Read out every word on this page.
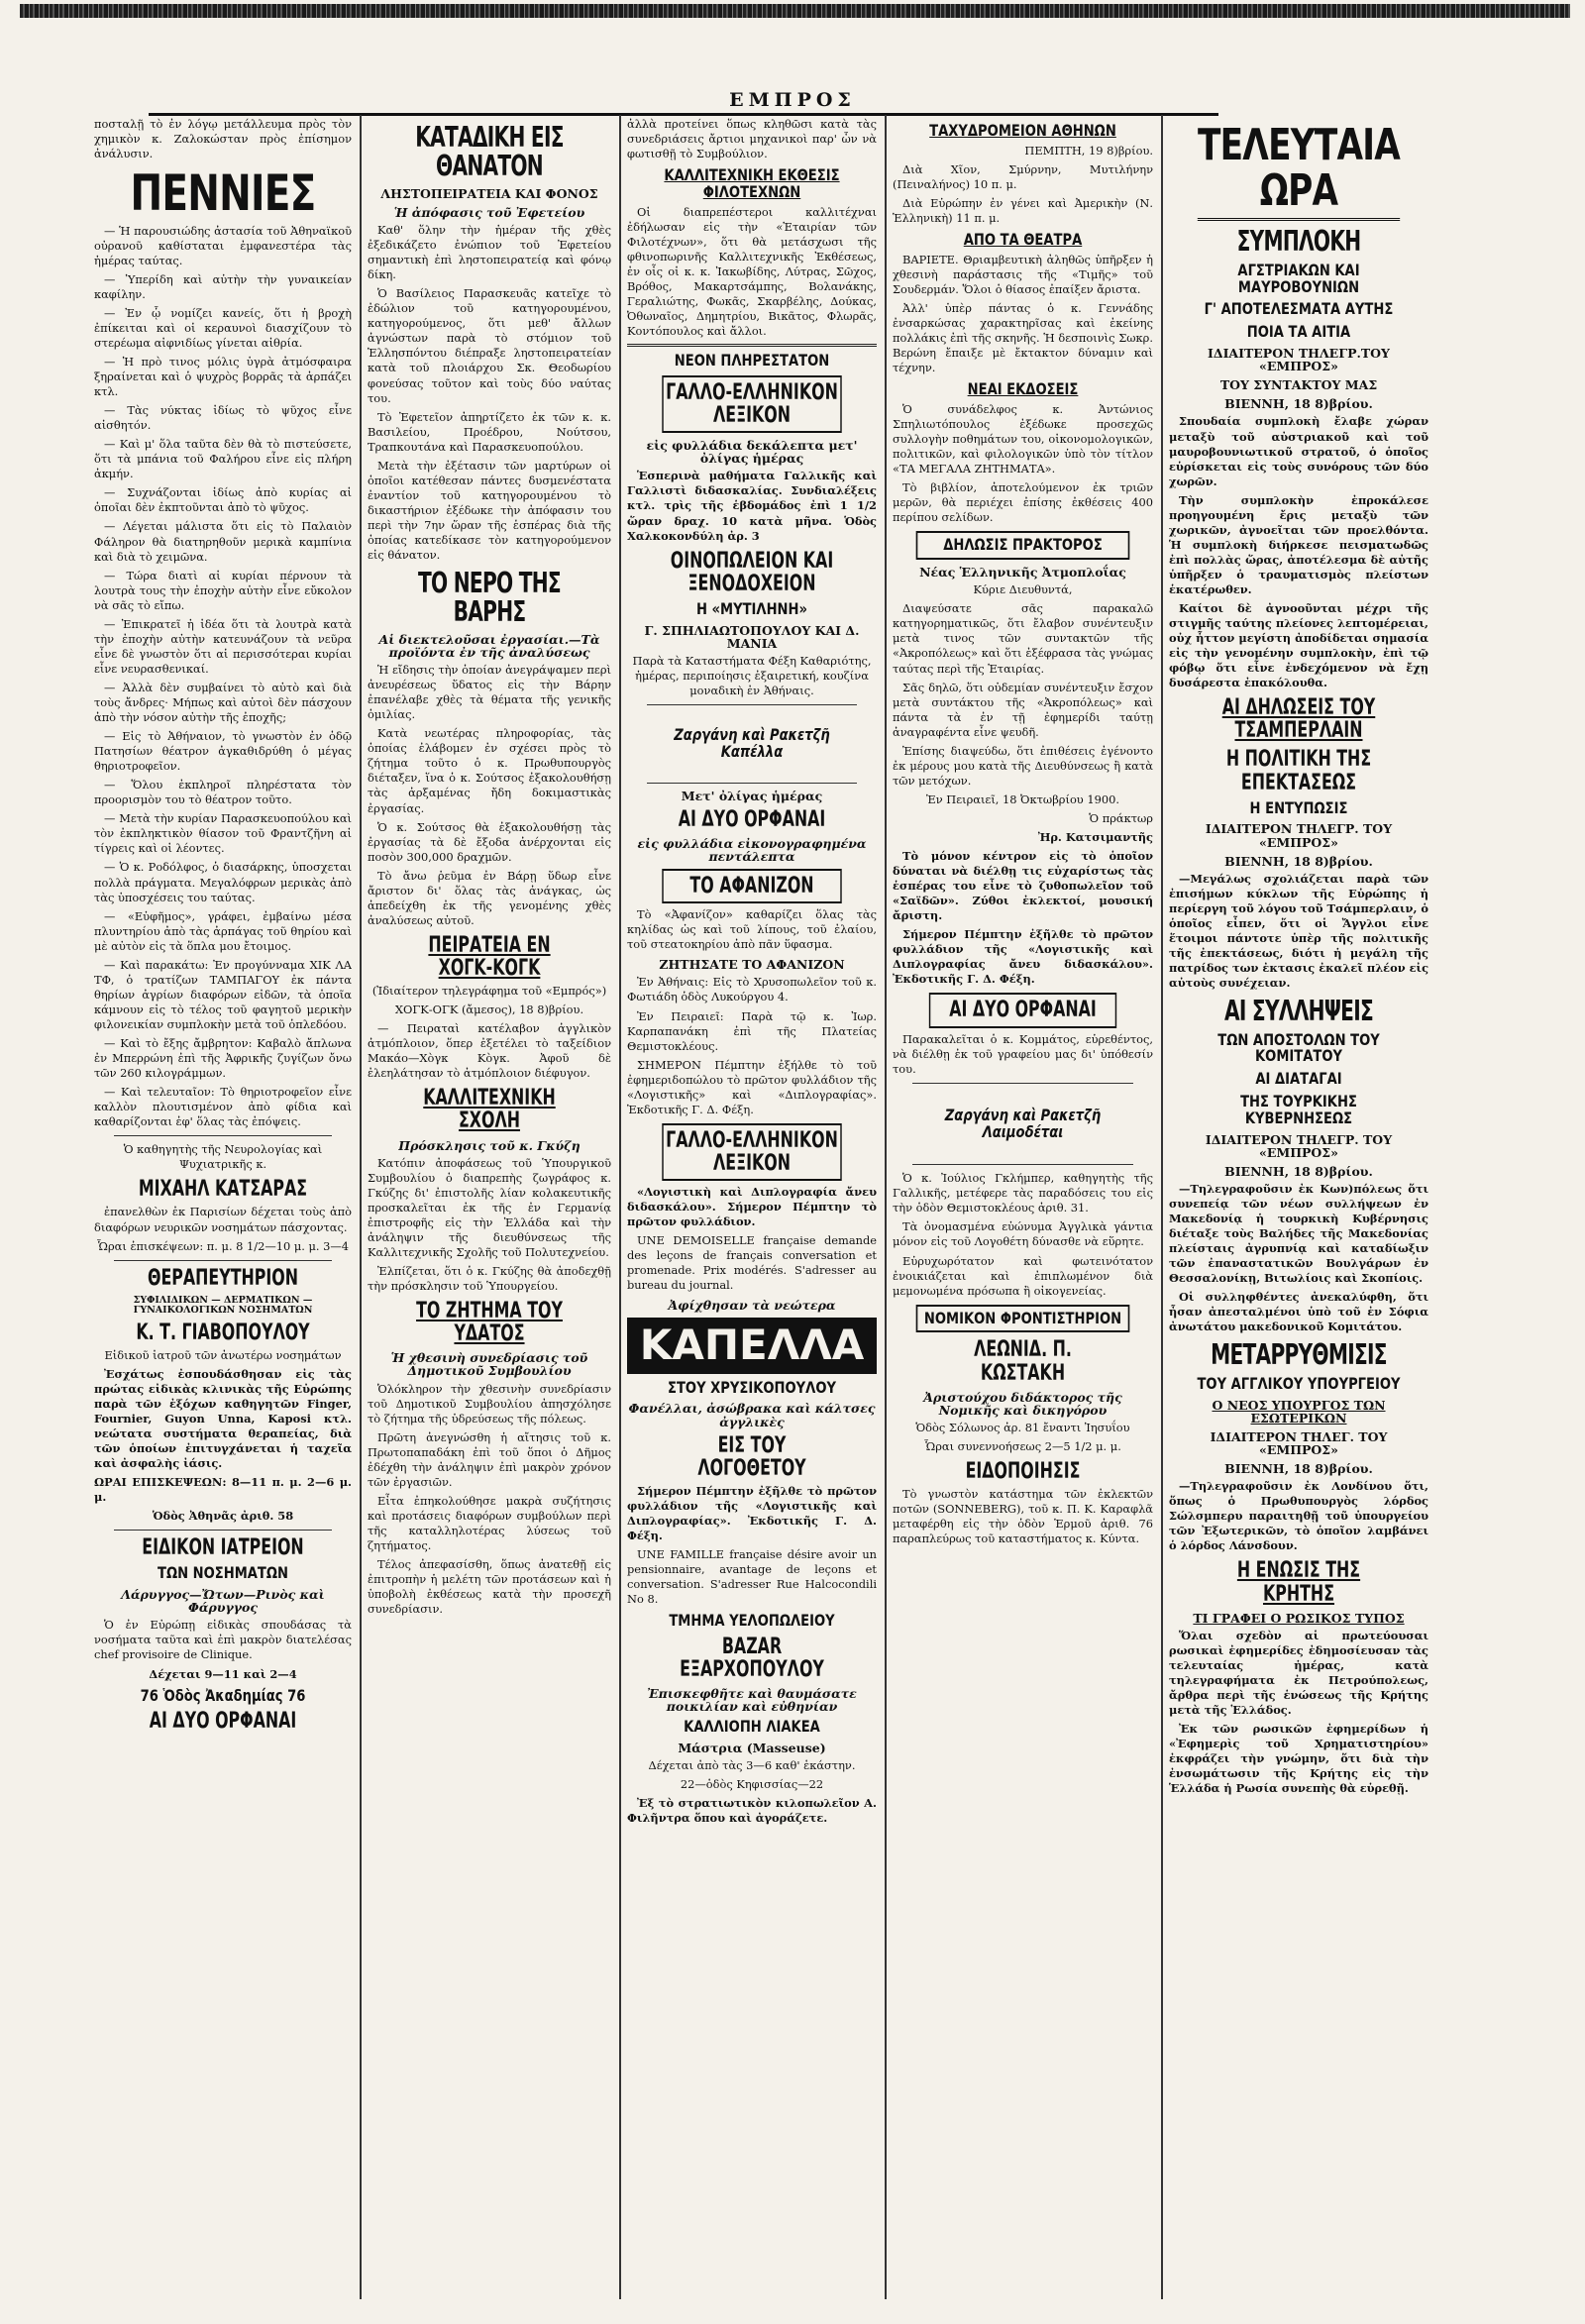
ΕΜΠΡΟΣ

ποσταλῇ τὸ ἐν λόγῳ μετάλλευμα πρὸς τὸν χημικὸν κ. Ζαλοκώσταν πρὸς ἐπίσημον ἀνάλυσιν.

ΠΕΝΝΙΕΣ

— Ἡ παρουσιώδης ἀστασία τοῦ Ἀθηναϊκοῦ οὐρανοῦ καθίσταται ἐμφανεστέρα τὰς ἡμέρας ταύτας.

— Ὑπερίδη καὶ αὐτὴν τὴν γυναικείαν καφίλην.

— Ἐν ᾧ νομίζει κανείς, ὅτι ἡ βροχὴ ἐπίκειται καὶ οἱ κεραυνοὶ διασχίζουν τὸ στερέωμα αἰφνιδίως γίνεται αἰθρία.

— Ἡ πρὸ τινος μόλις ὑγρὰ ἀτμόσφαιρα ξηραίνεται καὶ ὁ ψυχρὸς βορρᾶς τὰ ἀρπάζει κτλ.

— Τὰς νύκτας ἰδίως τὸ ψῦχος εἶνε αἰσθητόν.

— Καὶ μ' ὅλα ταῦτα δὲν θὰ τὸ πιστεύσετε, ὅτι τὰ μπάνια τοῦ Φαλήρου εἶνε εἰς πλήρη ἀκμήν.

— Συχνάζονται ἰδίως ἀπὸ κυρίας αἱ ὁποῖαι δὲν ἐκπτοῦνται ἀπὸ τὸ ψῦχος.

— Λέγεται μάλιστα ὅτι εἰς τὸ Παλαιὸν Φάληρον θὰ διατηρηθοῦν μερικὰ καμπίνια καὶ διὰ τὸ χειμῶνα.

— Τώρα διατὶ αἱ κυρίαι πέρνουν τὰ λουτρὰ τους τὴν ἐποχὴν αὐτὴν εἶνε εὔκολον νὰ σᾶς τὸ εἴπω.

— Ἐπικρατεῖ ἡ ἰδέα ὅτι τὰ λουτρὰ κατὰ τὴν ἐποχὴν αὐτὴν κατευνάζουν τὰ νεῦρα εἶνε δὲ γνωστὸν ὅτι αἱ περισσότεραι κυρίαι εἶνε νευρασθενικαί.

— Ἀλλὰ δὲν συμβαίνει τὸ αὐτὸ καὶ διὰ τοὺς ἄνδρες· Μήπως καὶ αὐτοὶ δὲν πάσχουν ἀπὸ τὴν νόσον αὐτὴν τῆς ἐποχῆς;

— Εἰς τὸ Ἀθήναιον, τὸ γνωστὸν ἐν ὁδῷ Πατησίων θέατρον ἀγκαθιδρύθη ὁ μέγας θηριοτροφεῖον.

— Ὅλου ἐκπληροῖ πληρέστατα τὸν προορισμὸν του τὸ θέατρον τοῦτο.

— Μετὰ τὴν κυρίαν Παρασκευοπούλου καὶ τὸν ἐκπληκτικὸν θίασον τοῦ Φραντζῆνη αἱ τίγρεις καὶ οἱ λέοντες.

— Ὁ κ. Ροδόλφος, ὁ διασάρκης, ὑποσχεται πολλὰ πράγματα. Μεγαλόφρων μερικὰς ἀπὸ τὰς ὑποσχέσεις του ταύτας.

— «Εὐφῆμος», γράφει, ἐμβαίνω μέσα πλυντηρίου ἀπὸ τὰς ἀρπάγας τοῦ θηρίου καὶ μὲ αὐτὸν εἰς τὰ ὅπλα μου ἔτοιμος.

— Καὶ παρακάτω: Ἐν προγύνναμα ΧΙΚ ΛΑ ΤΦ, ὁ τρατίζων ΤΑΜΠΑΓΟΥ ἐκ πάντα θηρίων ἀγρίων διαφόρων εἰδῶν, τὰ ὁποῖα κάμνουν εἰς τὸ τέλος τοῦ φαγητοῦ μερικὴν φιλονεικίαν συμπλοκὴν μετὰ τοῦ ὁπλεδόου.

— Καὶ τὸ ἔξης ἄμβρητον: Καβαλὸ ἄπλωνα ἐν Μπερρώνη ἐπὶ τῆς Ἀφρικῆς ζυγίζων ὄνω τῶν 260 κιλογράμμων.

— Καὶ τελευταῖον: Τὸ θηριοτροφεῖον εἶνε καλλὸν πλουτισμένον ἀπὸ φίδια καὶ καθαρίζονται ἐφ' ὅλας τὰς ἐπόψεις.

Ὁ καθηγητὴς τῆς Νευρολογίας καὶ Ψυχιατρικῆς κ.

ΜΙΧΑΗΛ ΚΑΤΣΑΡΑΣ

ἐπανελθὼν ἐκ Παρισίων δέχεται τοὺς ἀπὸ διαφόρων νευρικῶν νοσημάτων πάσχοντας.

Ὧραι ἐπισκέψεων: π. μ. 8 1/2—10 μ. μ. 3—4

ΘΕΡΑΠΕΥΤΗΡΙΟΝ
ΣΥΦΙΛΙΔΙΚΩΝ — ΔΕΡΜΑΤΙΚΩΝ — ΓΥΝΑΙΚΟΛΟΓΙΚΩΝ ΝΟΣΗΜΑΤΩΝ
Κ. Τ. ΓΙΑΒΟΠΟΥΛΟΥ

Εἰδικοῦ ἰατροῦ τῶν ἀνωτέρω νοσημάτων

Ἐσχάτως ἐσπουδάσθησαν εἰς τὰς πρώτας εἰδικὰς κλινικὰς τῆς Εὐρώπης παρὰ τῶν ἐξόχων καθηγητῶν Finger, Fournier, Guyon Unna, Kaposi κτλ. νεώτατα συστήματα θεραπείας, διὰ τῶν ὁποίων ἐπιτυγχάνεται ἡ ταχεῖα καὶ ἀσφαλὴς ἰάσις.

ΩΡΑΙ ΕΠΙΣΚΕΨΕΩΝ: 8—11 π. μ. 2—6 μ. μ.

Ὁδὸς Ἀθηνᾶς ἀριθ. 58

ΕΙΔΙΚΟΝ ΙΑΤΡΕΙΟΝ
ΤΩΝ ΝΟΣΗΜΑΤΩΝ
Λάρυγγος—Ὤτων—Ρινὸς καὶ Φάρυγγος

Ὁ ἐν Εὐρώπῃ εἰδικὰς σπουδάσας τὰ νοσήματα ταῦτα καὶ ἐπὶ μακρὸν διατελέσας chef provisoire de Clinique.

Δέχεται 9—11 καὶ 2—4

76 Ὁδὸς Ἀκαδημίας 76
ΑΙ ΔΥΟ ΟΡΦΑΝΑΙ
ΚΑΤΑΔΙΚΗ ΕΙΣ ΘΑΝΑΤΟΝ
ΛΗΣΤΟΠΕΙΡΑΤΕΙΑ ΚΑΙ ΦΟΝΟΣ
Ἡ ἀπόφασις τοῦ Ἐφετείου

Καθ' ὅλην τὴν ἡμέραν τῆς χθὲς ἐξεδικάζετο ἐνώπιον τοῦ Ἐφετείου σημαντικὴ ἐπὶ ληστοπειρατείᾳ καὶ φόνῳ δίκη.

Ὁ Βασίλειος Παρασκευᾶς κατεῖχε τὸ ἐδώλιον τοῦ κατηγορουμένου, κατηγορούμενος, ὅτι μεθ' ἄλλων ἀγνώστων παρὰ τὸ στόμιον τοῦ Ἑλλησπόντου διέπραξε ληστοπειρατείαν κατὰ τοῦ πλοιάρχου Σκ. Θεοδωρίου φονεύσας τοῦτον καὶ τοὺς δύο ναύτας του.

Τὸ Ἐφετεῖον ἀπηρτίζετο ἐκ τῶν κ. κ. Βασιλείου, Προέδρου, Νούτσου, Τραπκουτάνα καὶ Παρασκευοπούλου.

Μετὰ τὴν ἐξέτασιν τῶν μαρτύρων οἱ ὁποῖοι κατέθεσαν πάντες δυσμενέστατα ἐναντίον τοῦ κατηγορουμένου τὸ δικαστήριον ἐξέδωκε τὴν ἀπόφασιν του περὶ τὴν 7ην ὥραν τῆς ἑσπέρας διὰ τῆς ὁποίας κατεδίκασε τὸν κατηγορούμενον εἰς θάνατον.

ΤΟ ΝΕΡΟ ΤΗΣ ΒΑΡΗΣ
Αἱ διεκτελοῦσαι ἐργασίαι.—Τὰ προϊόντα ἐν τῆς ἀναλύσεως

Ἡ εἴδησις τὴν ὁποίαν ἀνεγράψαμεν περὶ ἀνευρέσεως ὕδατος εἰς τὴν Βάρην ἐπανέλαβε χθὲς τὰ θέματα τῆς γενικῆς ὁμιλίας.

Κατὰ νεωτέρας πληροφορίας, τὰς ὁποίας ἐλάβομεν ἐν σχέσει πρὸς τὸ ζήτημα τοῦτο ὁ κ. Πρωθυπουργὸς διέταξεν, ἵνα ὁ κ. Σούτσος ἐξακολουθήσῃ τὰς ἀρξαμένας ἤδη δοκιμαστικὰς ἐργασίας.

Ὁ κ. Σούτσος θὰ ἐξακολουθήσῃ τὰς ἐργασίας τὰ δὲ ἔξοδα ἀνέρχονται εἰς ποσὸν 300,000 δραχμῶν.

Τὸ ἄνω ῥεῦμα ἐν Βάρῃ ὕδωρ εἶνε ἄριστον δι' ὅλας τὰς ἀνάγκας, ὡς ἀπεδείχθη ἐκ τῆς γενομένης χθὲς ἀναλύσεως αὐτοῦ.

ΠΕΙΡΑΤΕΙΑ ΕΝ ΧΟΓΚ-ΚΟΓΚ

(Ἰδιαίτερον τηλεγράφημα τοῦ «Εμπρός»)

ΧΟΓΚ-ΟΓΚ (ἄμεσος), 18 8)βρίου.

— Πειραταὶ κατέλαβον ἀγγλικὸν ἀτμόπλοιον, ὅπερ ἐξετέλει τὸ ταξείδιον Μακάο—Χὸγκ Κὸγκ. Ἀφοῦ δὲ ἐλεηλάτησαν τὸ ἀτμόπλοιον διέφυγον.

ΚΑΛΛΙΤΕΧΝΙΚΗ ΣΧΟΛΗ
Πρόσκλησις τοῦ κ. Γκύζη

Κατόπιν ἀποφάσεως τοῦ Ὑπουργικοῦ Συμβουλίου ὁ διαπρεπὴς ζωγράφος κ. Γκύζης δι' ἐπιστολῆς λίαν κολακευτικῆς προσκαλεῖται ἐκ τῆς ἐν Γερμανίᾳ ἐπιστροφῆς εἰς τὴν Ἑλλάδα καὶ τὴν ἀνάληψιν τῆς διευθύνσεως τῆς Καλλιτεχνικῆς Σχολῆς τοῦ Πολυτεχνείου.

Ἐλπίζεται, ὅτι ὁ κ. Γκύζης θὰ ἀποδεχθῇ τὴν πρόσκλησιν τοῦ Ὑπουργείου.

ΤΟ ΖΗΤΗΜΑ ΤΟΥ ΥΔΑΤΟΣ
Ἡ χθεσινὴ συνεδρίασις τοῦ Δημοτικοῦ Συμβουλίου

Ὁλόκληρον τὴν χθεσινὴν συνεδρίασιν τοῦ Δημοτικοῦ Συμβουλίου ἀπησχόλησε τὸ ζήτημα τῆς ὑδρεύσεως τῆς πόλεως.

Πρῶτη ἀνεγνώσθη ἡ αἴτησις τοῦ κ. Πρωτοπαπαδάκη ἐπὶ τοῦ ὅποι ὁ Δῆμος ἐδέχθη τὴν ἀνάληψιν ἐπὶ μακρὸν χρόνον τῶν ἐργασιῶν.

Εἶτα ἐπηκολούθησε μακρὰ συζήτησις καὶ προτάσεις διαφόρων συμβούλων περὶ τῆς καταλληλοτέρας λύσεως τοῦ ζητήματος.

Τέλος ἀπεφασίσθη, ὅπως ἀνατεθῇ εἰς ἐπιτροπὴν ἡ μελέτη τῶν προτάσεων καὶ ἡ ὑποβολὴ ἐκθέσεως κατὰ τὴν προσεχῆ συνεδρίασιν.

ἀλλὰ προτείνει ὅπως κληθῶσι κατὰ τὰς συνεδριάσεις ἄρτιοι μηχανικοὶ παρ' ὧν νὰ φωτισθῇ τὸ Συμβούλιον.

ΚΑΛΛΙΤΕΧΝΙΚΗ ΕΚΘΕΣΙΣ ΦΙΛΟΤΕΧΝΩΝ

Οἱ διαπρεπέστεροι καλλιτέχναι ἐδήλωσαν εἰς τὴν «Ἑταιρίαν τῶν Φιλοτέχνων», ὅτι θὰ μετάσχωσι τῆς φθινοπωρινῆς Καλλιτεχνικῆς Ἐκθέσεως, ἐν οἷς οἱ κ. κ. Ἰακωβίδης, Λύτρας, Σῶχος, Βρόθος, Μακαρτσάμπης, Βολανάκης, Γεραλιώτης, Φωκᾶς, Σκαρβέλης, Δούκας, Ὀθωναῖος, Δημητρίου, Βικᾶτος, Φλωρᾶς, Κοντόπουλος καὶ ἄλλοι.

ΝΕΟΝ ΠΛΗΡΕΣΤΑΤΟΝ
ΓΑΛΛΟ-ΕΛΛΗΝΙΚΟΝ ΛΕΞΙΚΟΝ
εἰς φυλλάδια δεκάλεπτα μετ' ὀλίγας ἡμέρας

Ἑσπερινὰ μαθήματα Γαλλικῆς καὶ Γαλλιστὶ διδασκαλίας. Συνδιαλέξεις κτλ. τρὶς τῆς ἑβδομάδος ἐπὶ 1 1/2 ὥραν δραχ. 10 κατὰ μῆνα. Ὁδὸς Χαλκοκονδύλη ἀρ. 3

ΟΙΝΟΠΩΛΕΙΟΝ ΚΑΙ ΞΕΝΟΔΟΧΕΙΟΝ
Η «ΜΥΤΙΛΗΝΗ»
Γ. ΣΠΗΛΙΑΩΤΟΠΟΥΛΟΥ ΚΑΙ Δ. ΜΑΝΙΑ

Παρὰ τὰ Καταστήματα Φέξη Καθαριότης, ἡμέρας, περιποίησις ἐξαιρετική, κουζίνα μοναδικὴ ἐν Ἀθήναις.

Ζαργάνη καὶ Ρακετζῆ Καπέλλα
Μετ' ὀλίγας ἡμέρας
ΑΙ ΔΥΟ ΟΡΦΑΝΑΙ
εἰς φυλλάδια εἰκονογραφημένα πεντάλεπτα
ΤΟ ΑΦΑΝΙΖΟΝ

Τὸ «Ἀφανίζον» καθαρίζει ὅλας τὰς κηλίδας ὡς καὶ τοῦ λίπους, τοῦ ἐλαίου, τοῦ στεατοκηρίου ἀπὸ πᾶν ὕφασμα.

ΖΗΤΗΣΑΤΕ ΤΟ ΑΦΑΝΙΖΟΝ

Ἐν Ἀθήναις: Εἰς τὸ Χρυσοπωλεῖον τοῦ κ. Φωτιάδη ὁδὸς Λυκούργου 4.

Ἐν Πειραιεῖ: Παρὰ τῷ κ. Ἰωρ. Καρπαπανάκη ἐπὶ τῆς Πλατείας Θεμιστοκλέους.

ΣΗΜΕΡΟΝ Πέμπτην ἐξήλθε τὸ τοῦ ἐφημεριδοπώλου τὸ πρῶτον φυλλάδιον τῆς «Λογιστικῆς» καὶ «Διπλογραφίας». Ἐκδοτικῆς Γ. Δ. Φέξη.

ΓΑΛΛΟ-ΕΛΛΗΝΙΚΟΝ ΛΕΞΙΚΟΝ

«Λογιστικὴ καὶ Διπλογραφία ἄνευ διδασκάλου». Σήμερον Πέμπτην τὸ πρῶτον φυλλάδιον.

UNE DEMOISELLE française demande des leçons de français conversation et promenade. Prix modérés. S'adresser au bureau du journal.

Ἀφίχθησαν τὰ νεώτερα
ΚΑΠΕΛΛΑ
ΣΤΟΥ ΧΡΥΣΙΚΟΠΟΥΛΟΥ
Φανέλλαι, ἀσώβρακα καὶ κάλτσες ἀγγλικὲς
ΕΙΣ ΤΟΥ ΛΟΓΟΘΕΤΟΥ

Σήμερον Πέμπτην ἐξῆλθε τὸ πρῶτον φυλλάδιον τῆς «Λογιστικῆς καὶ Διπλογραφίας». Ἐκδοτικῆς Γ. Δ. Φέξη.

UNE FAMILLE française désire avoir un pensionnaire, avantage de leçons et conversation. S'adresser Rue Halcocondili No 8.

ΤΜΗΜΑ ΥΕΛΟΠΩΛΕΙΟΥ
BAZAR ΕΞΑΡΧΟΠΟΥΛΟΥ
Ἐπισκεφθῆτε καὶ θαυμάσατε ποικιλίαν καὶ εὐθηνίαν
ΚΑΛΛΙΟΠΗ ΛΙΑΚΕΑ
Μάστρια (Masseuse)

Δέχεται ἀπὸ τὰς 3—6 καθ' ἑκάστην.

22—ὁδὸς Κηφισσίας—22

Ἐξ τὸ στρατιωτικὸν κιλοπωλεῖον Α. Φιλῆντρα ὅπου καὶ ἀγοράζετε.

ΤΑΧΥΔΡΟΜΕΙΟΝ ΑΘΗΝΩΝ

ΠΕΜΠΤΗ, 19 8)βρίου.

Διὰ Χῖον, Σμύρνην, Μυτιλήνην (Πειναλήνος) 10 π. μ.

Διὰ Εὐρώπην ἐν γένει καὶ Ἀμερικὴν (Ν. Ἑλληνικὴ) 11 π. μ.

ΑΠΟ ΤΑ ΘΕΑΤΡΑ

ΒΑΡΙΕΤΕ. Θριαμβευτικὴ ἀληθῶς ὑπῆρξεν ἡ χθεσινὴ παράστασις τῆς «Τιμῆς» τοῦ Σουδερμάν. Ὅλοι ὁ θίασος ἐπαίξεν ἄριστα.

Ἀλλ' ὑπὲρ πάντας ὁ κ. Γεννάδης ἐνσαρκώσας χαρακτηρῖσας καὶ ἐκείνης πολλάκις ἐπὶ τῆς σκηνῆς. Ἡ δεσποινὶς Σωκρ. Βερώνη ἔπαιξε μὲ ἔκτακτον δύναμιν καὶ τέχνην.

ΝΕΑΙ ΕΚΔΟΣΕΙΣ

Ὁ συνάδελφος κ. Ἀντώνιος Σπηλιωτόπουλος ἐξέδωκε προσεχῶς συλλογὴν ποθημάτων του, οἰκονομολογικῶν, πολιτικῶν, καὶ φιλολογικῶν ὑπὸ τὸν τίτλον «ΤΑ ΜΕΓΑΛΑ ΖΗΤΗΜΑΤΑ».

Τὸ βιβλίον, ἀποτελούμενον ἐκ τριῶν μερῶν, θὰ περιέχει ἐπίσης ἐκθέσεις 400 περίπου σελίδων.

ΔΗΛΩΣΙΣ ΠΡΑΚΤΟΡΟΣ
Νέας Ἑλληνικῆς Ἀτμοπλοΐας

Κύριε Διευθυντά,

Διαψεύσατε σᾶς παρακαλῶ κατηγορηματικῶς, ὅτι ἔλαβον συνέντευξιν μετὰ τινος τῶν συντακτῶν τῆς «Ἀκροπόλεως» καὶ ὅτι ἐξέφρασα τὰς γνώμας ταύτας περὶ τῆς Ἑταιρίας.

Σᾶς δηλῶ, ὅτι οὐδεμίαν συνέντευξιν ἔσχον μετὰ συντάκτου τῆς «Ἀκροπόλεως» καὶ πάντα τὰ ἐν τῇ ἐφημερίδι ταύτῃ ἀναγραφέντα εἶνε ψευδῆ.

Ἐπίσης διαψεύδω, ὅτι ἐπιθέσεις ἐγένοντο ἐκ μέρους μου κατὰ τῆς Διευθύνσεως ἢ κατὰ τῶν μετόχων.

Ἐν Πειραιεῖ, 18 Ὀκτωβρίου 1900.

Ὁ πράκτωρ

Ἠρ. Κατσιμαντῆς

Τὸ μόνον κέντρον εἰς τὸ ὁποῖον δύναται νὰ διέλθῃ τις εὐχαρίστως τὰς ἑσπέρας του εἶνε τὸ ζυθοπωλεῖον τοῦ «Σαϊδῶν». Ζύθοι ἐκλεκτοί, μουσική ἄριστη.

Σήμερον Πέμπτην ἐξῆλθε τὸ πρῶτον φυλλάδιον τῆς «Λογιστικῆς καὶ Διπλογραφίας ἄνευ διδασκάλου». Ἐκδοτικῆς Γ. Δ. Φέξη.

ΑΙ ΔΥΟ ΟΡΦΑΝΑΙ

Παρακαλεῖται ὁ κ. Κομμάτος, εὑρεθέντος, νὰ διέλθῃ ἐκ τοῦ γραφείου μας δι' ὑπόθεσίν του.

Ζαργάνη καὶ Ρακετζῆ Λαιμοδέται

Ὁ κ. Ἰούλιος Γκλήμπερ, καθηγητὴς τῆς Γαλλικῆς, μετέφερε τὰς παραδόσεις του εἰς τὴν ὁδὸν Θεμιστοκλέους ἀριθ. 31.

Τὰ ὀνομασμένα εὐώνυμα Ἀγγλικὰ γάντια μόνον εἰς τοῦ Λογοθέτη δύνασθε νὰ εὕρητε.

Εὐρυχωρότατον καὶ φωτεινότατον ἐνοικιάζεται καὶ ἐπιπλωμένον διὰ μεμονωμένα πρόσωπα ἢ οἰκογενείας.

ΝΟΜΙΚΟΝ ΦΡΟΝΤΙΣΤΗΡΙΟΝ
ΛΕΩΝΙΔ. Π. ΚΩΣΤΑΚΗ
Ἀριστούχου διδάκτορος τῆς Νομικῆς καὶ δικηγόρου

Ὁδὸς Σόλωνος ἀρ. 81 ἔναντι Ἰησυΐου

Ὧραι συνεννοήσεως 2—5 1/2 μ. μ.

ΕΙΔΟΠΟΙΗΣΙΣ

Τὸ γνωστὸν κατάστημα τῶν ἐκλεκτῶν ποτῶν (SONNEBERG), τοῦ κ. Π. Κ. Καραφλᾶ μεταφέρθη εἰς τὴν ὁδὸν Ἑρμοῦ ἀριθ. 76 παραπλεύρως τοῦ καταστήματος κ. Κύντα.

ΤΕΛΕΥΤΑΙΑ ΩΡΑ
ΣΥΜΠΛΟΚΗ
ΑΓΣΤΡΙΑΚΩΝ ΚΑΙ ΜΑΥΡΟΒΟΥΝΙΩΝ
Γ' ΑΠΟΤΕΛΕΣΜΑΤΑ ΑΥΤΗΣ
ΠΟΙΑ ΤΑ ΑΙΤΙΑ
ΙΔΙΑΙΤΕΡΟΝ ΤΗΛΕΓΡ.ΤΟΥ «ΕΜΠΡΟΣ»
ΤΟΥ ΣΥΝΤΑΚΤΟΥ ΜΑΣ
ΒΙΕΝΝΗ, 18 8)βρίου.

Σπουδαία συμπλοκὴ ἔλαβε χώραν μεταξὺ τοῦ αὐστριακοῦ καὶ τοῦ μαυροβουνιωτικοῦ στρατοῦ, ὁ ὁποῖος εὑρίσκεται εἰς τοὺς συνόρους τῶν δύο χωρῶν.

Τὴν συμπλοκὴν ἐπροκάλεσε προηγουμένη ἔρις μεταξὺ τῶν χωρικῶν, ἀγνοεῖται τῶν προελθόντα. Ἡ συμπλοκὴ διήρκεσε πεισματωδῶς ἐπὶ πολλὰς ὥρας, ἀποτέλεσμα δὲ αὐτῆς ὑπῆρξεν ὁ τραυματισμὸς πλείστων ἑκατέρωθεν.

Καίτοι δὲ ἀγνοοῦνται μέχρι τῆς στιγμῆς ταύτης πλείονες λεπτομέρειαι, οὐχ ἧττον μεγίστη ἀποδίδεται σημασία εἰς τὴν γενομένην συμπλοκὴν, ἐπὶ τῷ φόβῳ ὅτι εἶνε ἐνδεχόμενον νὰ ἔχῃ δυσάρεστα ἐπακόλουθα.

ΑΙ ΔΗΛΩΣΕΙΣ ΤΟΥ ΤΣΑΜΠΕΡΛΑΙΝ
Η ΠΟΛΙΤΙΚΗ ΤΗΣ ΕΠΕΚΤΑΣΕΩΣ
Η ΕΝΤΥΠΩΣΙΣ
ΙΔΙΑΙΤΕΡΟΝ ΤΗΛΕΓΡ. ΤΟΥ «ΕΜΠΡΟΣ»
ΒΙΕΝΝΗ, 18 8)βρίου.

—Μεγάλως σχολιάζεται παρὰ τῶν ἐπισήμων κύκλων τῆς Εὐρώπης ἡ περίεργη τοῦ λόγου τοῦ Τσάμπερλαιν, ὁ ὁποῖος εἶπεν, ὅτι οἱ Ἄγγλοι εἶνε ἕτοιμοι πάντοτε ὑπὲρ τῆς πολιτικῆς τῆς ἐπεκτάσεως, διότι ἡ μεγάλη τῆς πατρίδος των ἐκτασις ἐκαλεῖ πλέον εἰς αὐτοὺς συνέχειαν.

ΑΙ ΣΥΛΛΗΨΕΙΣ
ΤΩΝ ΑΠΟΣΤΟΛΩΝ ΤΟΥ ΚΟΜΙΤΑΤΟΥ
ΑΙ ΔΙΑΤΑΓΑΙ
ΤΗΣ ΤΟΥΡΚΙΚΗΣ ΚΥΒΕΡΝΗΣΕΩΣ
ΙΔΙΑΙΤΕΡΟΝ ΤΗΛΕΓΡ. ΤΟΥ «ΕΜΠΡΟΣ»
ΒΙΕΝΝΗ, 18 8)βρίου.

—Τηλεγραφοῦσιν ἐκ Κων)πόλεως ὅτι συνεπείᾳ τῶν νέων συλλήψεων ἐν Μακεδονίᾳ ἡ τουρκικὴ Κυβέρνησις διέταξε τοὺς Βαλήδες τῆς Μακεδονίας πλείσταις ἀγρυπνίᾳ καὶ καταδίωξιν τῶν ἐπαναστατικῶν Βουλγάρων ἐν Θεσσαλονίκῃ, Βιτωλίοις καὶ Σκοπίοις.

Οἱ συλληφθέντες ἀνεκαλύφθη, ὅτι ἦσαν ἀπεσταλμένοι ὑπὸ τοῦ ἐν Σόφια ἀνωτάτου μακεδονικοῦ Κομιτάτου.

ΜΕΤΑΡΡΥΘΜΙΣΙΣ
ΤΟΥ ΑΓΓΛΙΚΟΥ ΥΠΟΥΡΓΕΙΟΥ
Ο ΝΕΟΣ ΥΠΟΥΡΓΟΣ ΤΩΝ ΕΣΩΤΕΡΙΚΩΝ
ΙΔΙΑΙΤΕΡΟΝ ΤΗΛΕΓ. ΤΟΥ «ΕΜΠΡΟΣ»
ΒΙΕΝΝΗ, 18 8)βρίου.

—Τηλεγραφοῦσιν ἐκ Λονδίνου ὅτι, ὅπως ὁ Πρωθυπουργὸς λόρδος Σώλσμπερυ παραιτηθῇ τοῦ ὑπουργείου τῶν Ἐξωτερικῶν, τὸ ὁποῖον λαμβάνει ὁ λόρδος Λάνσδουν.

Η ΕΝΩΣΙΣ ΤΗΣ ΚΡΗΤΗΣ
ΤΙ ΓΡΑΦΕΙ Ο ΡΩΣΙΚΟΣ ΤΥΠΟΣ

Ὅλαι σχεδὸν αἱ πρωτεύουσαι ρωσικαὶ ἐφημερίδες ἐδημοσίευσαν τὰς τελευταίας ἡμέρας, κατὰ τηλεγραφήματα ἐκ Πετρούπολεως, ἄρθρα περὶ τῆς ἑνώσεως τῆς Κρήτης μετὰ τῆς Ἑλλάδος.

Ἐκ τῶν ρωσικῶν ἐφημερίδων ἡ «Ἐφημερὶς τοῦ Χρηματιστηρίου» ἐκφράζει τὴν γνώμην, ὅτι διὰ τὴν ἐνσωμάτωσιν τῆς Κρήτης εἰς τὴν Ἑλλάδα ἡ Ρωσία συνεπὴς θὰ εὑρεθῇ.
